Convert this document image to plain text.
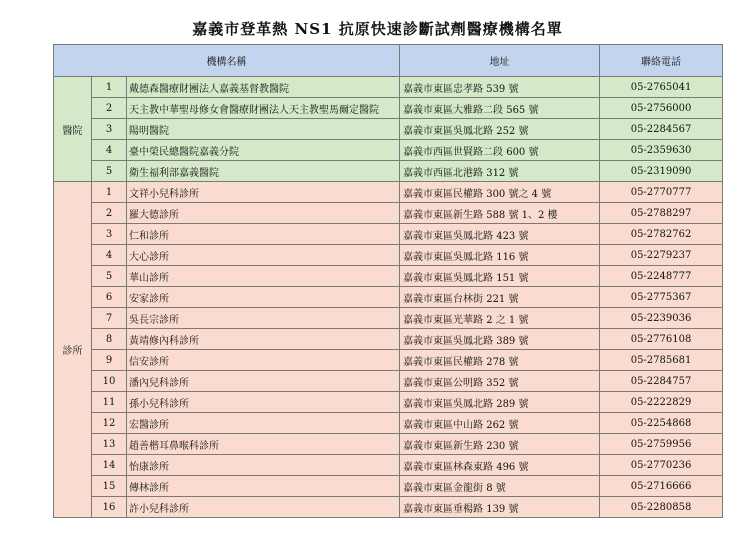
嘉義市登革熱 NS1 抗原快速診斷試劑醫療機構名單
機構名稱			地址	聯絡電話
醫院	1	戴德森醫療財團法人嘉義基督教醫院	嘉義市東區忠孝路 539 號	05-2765041
	2	天主教中華聖母修女會醫療財團法人天主教聖馬爾定醫院	嘉義市東區大雅路二段 565 號	05-2756000
	3	陽明醫院	嘉義市東區吳鳳北路 252 號	05-2284567
	4	臺中榮民總醫院嘉義分院	嘉義市西區世賢路二段 600 號	05-2359630
	5	衛生福利部嘉義醫院	嘉義市西區北港路 312 號	05-2319090
診所	1	文祥小兒科診所	嘉義市東區民權路 300 號之 4 號	05-2770777
	2	羅大德診所	嘉義市東區新生路 588 號 1、2 樓	05-2788297
	3	仁和診所	嘉義市東區吳鳳北路 423 號	05-2782762
	4	大心診所	嘉義市東區吳鳳北路 116 號	05-2279237
	5	華山診所	嘉義市東區吳鳳北路 151 號	05-2248777
	6	安家診所	嘉義市東區台林街 221 號	05-2775367
	7	吳長宗診所	嘉義市東區光華路 2 之 1 號	05-2239036
	8	黃靖修內科診所	嘉義市東區吳鳳北路 389 號	05-2776108
	9	信安診所	嘉義市東區民權路 278 號	05-2785681
	10	潘內兒科診所	嘉義市東區公明路 352 號	05-2284757
	11	孫小兒科診所	嘉義市東區吳鳳北路 289 號	05-2222829
	12	宏醫診所	嘉義市東區中山路 262 號	05-2254868
	13	趙善楷耳鼻喉科診所	嘉義市東區新生路 230 號	05-2759956
	14	怡康診所	嘉義市東區林森東路 496 號	05-2770236
	15	傳林診所	嘉義市東區金龍街 8 號	05-2716666
	16	許小兒科診所	嘉義市東區垂楊路 139 號	05-2280858
